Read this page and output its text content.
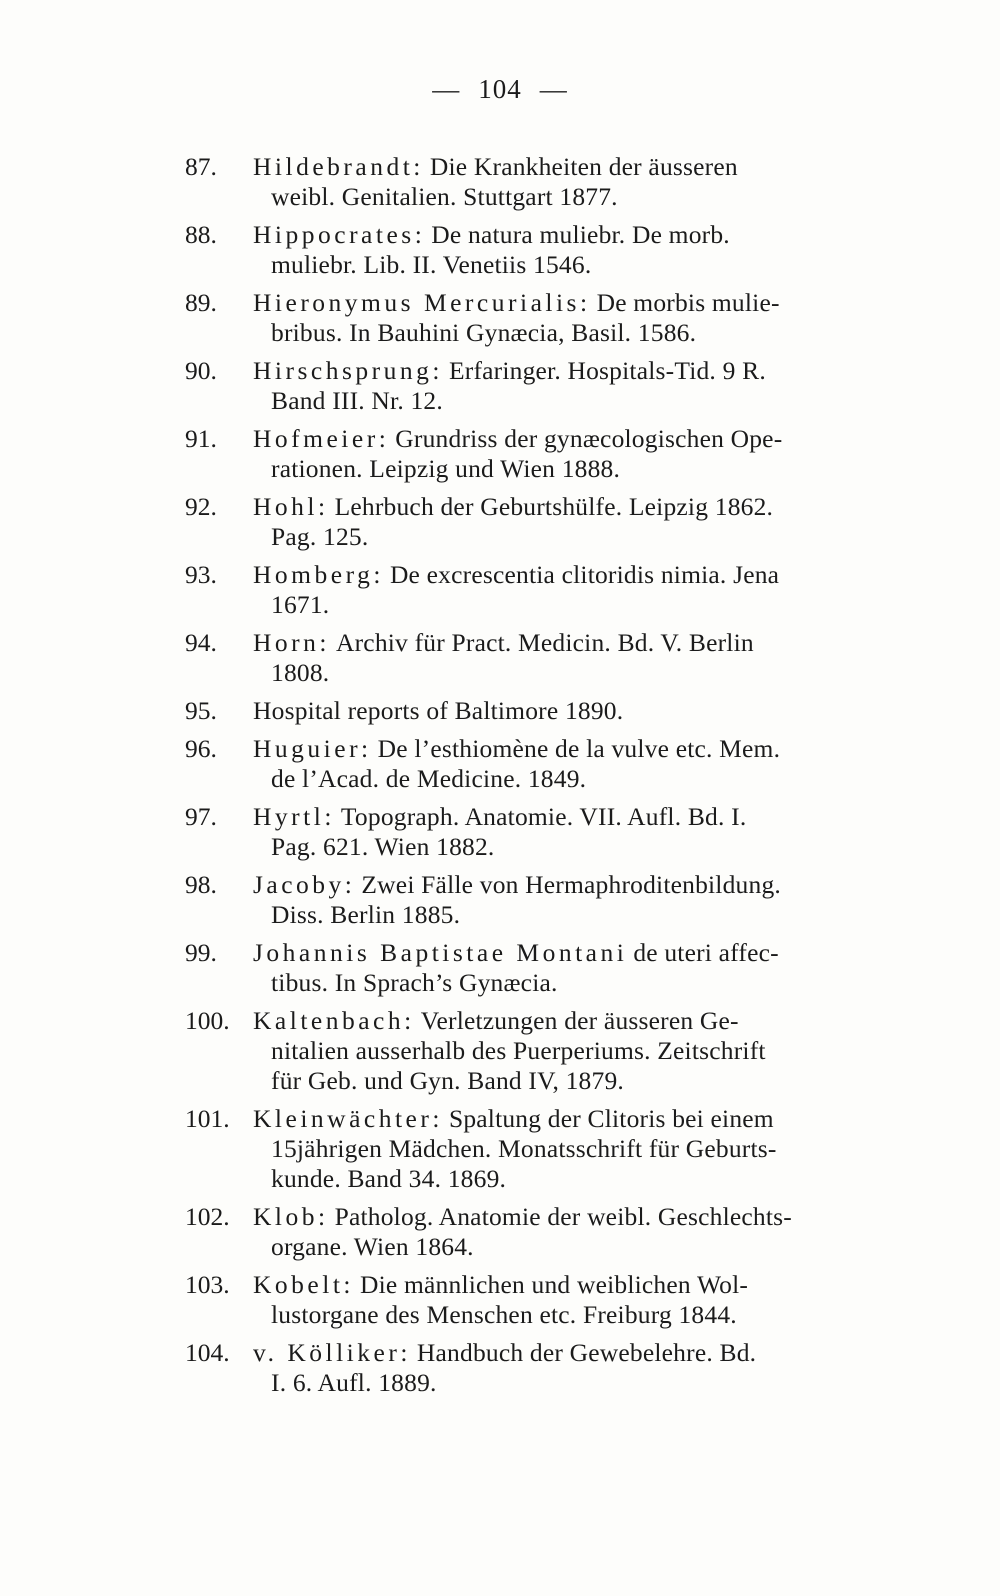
— 104 —
87.	Hildebrandt: Die Krankheiten der äusseren
weibl. Genitalien. Stuttgart 1877.
88.	Hippocrates: De natura muliebr. De morb.
muliebr. Lib. II. Venetiis 1546.
89.	Hieronymus Mercurialis: De morbis mulie-
bribus. In Bauhini Gynæcia, Basil. 1586.
90.	Hirschsprung: Erfaringer. Hospitals-Tid. 9 R.
Band III. Nr. 12.
91.	Hofmeier: Grundriss der gynæcologischen Ope-
rationen. Leipzig und Wien 1888.
92.	Hohl: Lehrbuch der Geburtshülfe. Leipzig 1862.
Pag. 125.
93.	Homberg: De excrescentia clitoridis nimia. Jena
1671.
94.	Horn: Archiv für Pract. Medicin. Bd. V. Berlin
1808.
95.	Hospital reports of Baltimore 1890.
96.	Huguier: De l’esthiomène de la vulve etc. Mem.
de l’Acad. de Medicine. 1849.
97.	Hyrtl: Topograph. Anatomie. VII. Aufl. Bd. I.
Pag. 621. Wien 1882.
98.	Jacoby: Zwei Fälle von Hermaphroditenbildung.
Diss. Berlin 1885.
99.	Johannis Baptistae Montani de uteri affec-
tibus. In Sprach’s Gynæcia.
100. Kaltenbach: Verletzungen der äusseren Ge-
nitalien ausserhalb des Puerperiums. Zeitschrift
für Geb. und Gyn. Band IV, 1879.
101. Kleinwächter: Spaltung der Clitoris bei einem
15jährigen Mädchen. Monatsschrift für Geburts-
kunde. Band 34. 1869.
102. Klob: Patholog. Anatomie der weibl. Geschlechts-
organe. Wien 1864.
103. Kobelt: Die männlichen und weiblichen Wol-
lustorgane des Menschen etc. Freiburg 1844.
104. v. Kölliker: Handbuch der Gewebelehre. Bd.
I. 6. Aufl. 1889.
